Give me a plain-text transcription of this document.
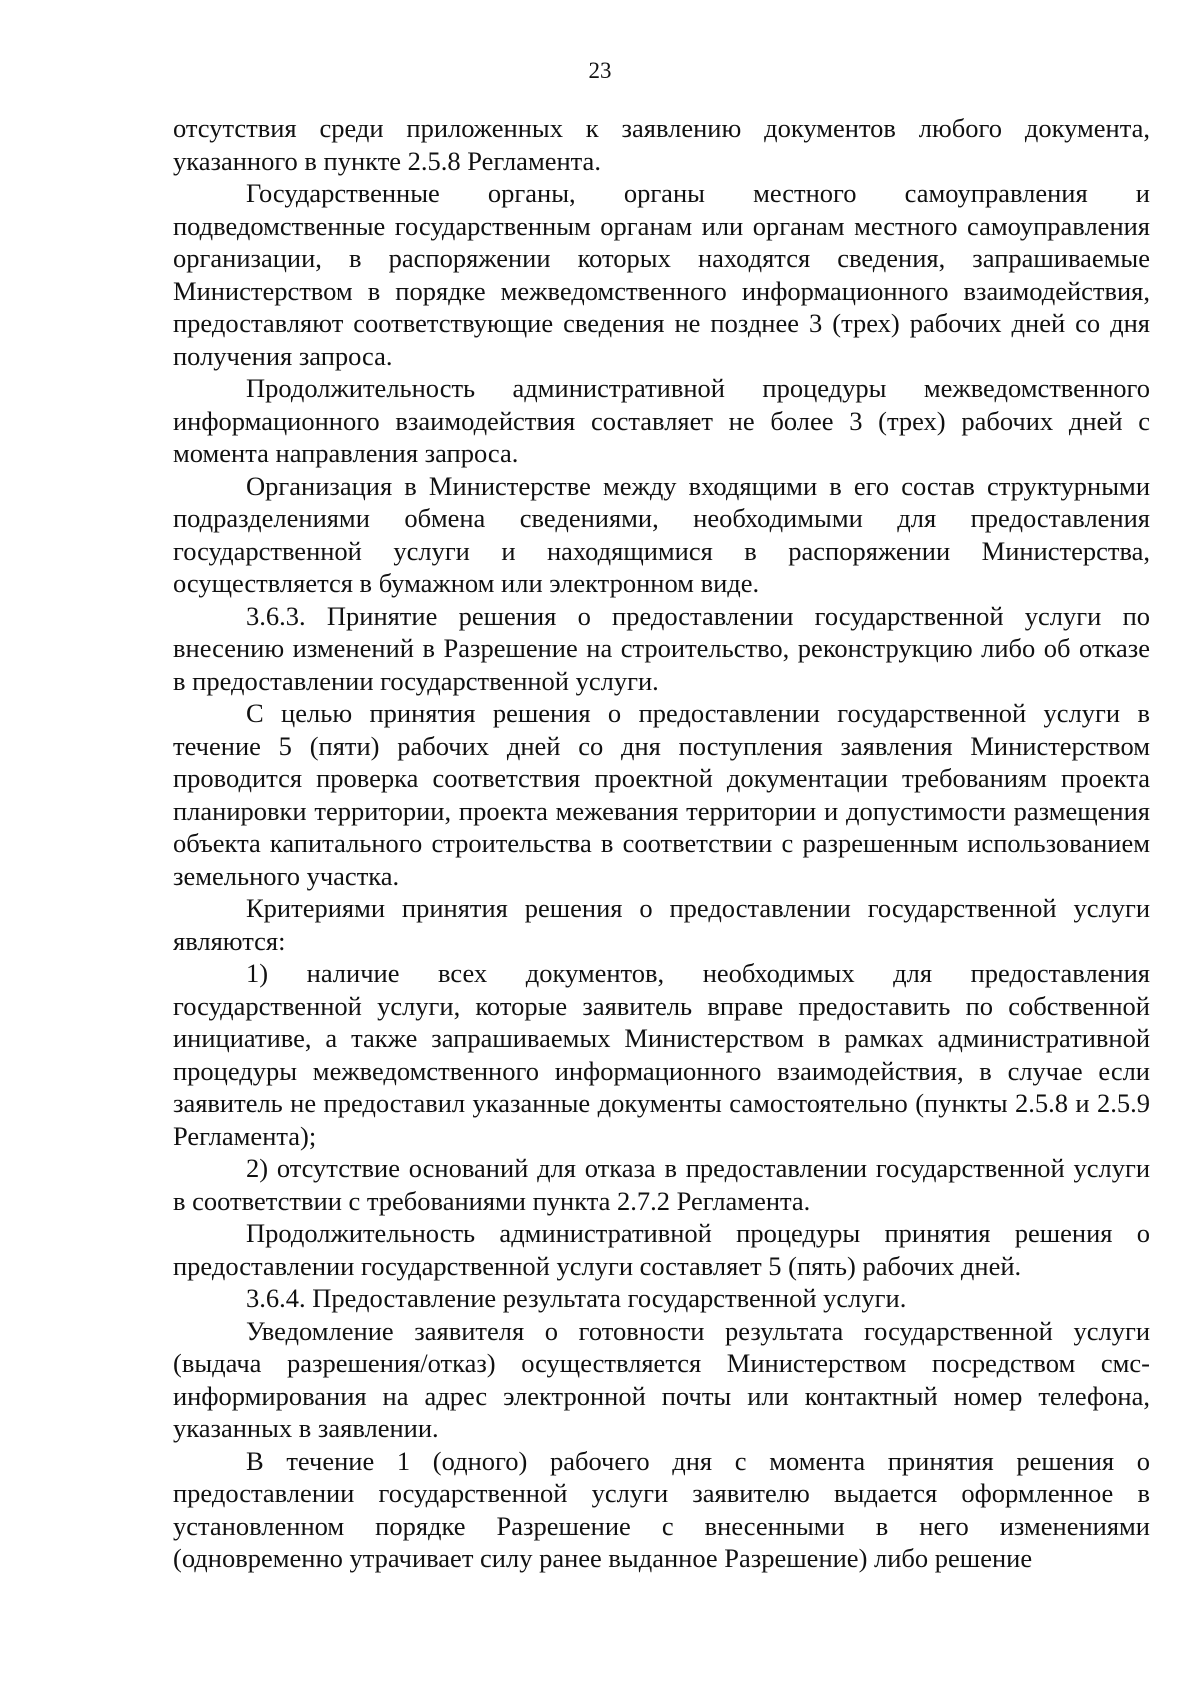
23

отсутствия среди приложенных к заявлению документов любого документа, указанного в пункте 2.5.8 Регламента.

Государственные органы, органы местного самоуправления и подведомственные государственным органам или органам местного самоуправления организации, в распоряжении которых находятся сведения, запрашиваемые Министерством в порядке межведомственного информационного взаимодействия, предоставляют соответствующие сведения не позднее 3 (трех) рабочих дней со дня получения запроса.

Продолжительность административной процедуры межведомственного информационного взаимодействия составляет не более 3 (трех) рабочих дней с момента направления запроса.

Организация в Министерстве между входящими в его состав структурными подразделениями обмена сведениями, необходимыми для предоставления государственной услуги и находящимися в распоряжении Министерства, осуществляется в бумажном или электронном виде.

3.6.3. Принятие решения о предоставлении государственной услуги по внесению изменений в Разрешение на строительство, реконструкцию либо об отказе в предоставлении государственной услуги.

С целью принятия решения о предоставлении государственной услуги в течение 5 (пяти) рабочих дней со дня поступления заявления Министерством проводится проверка соответствия проектной документации требованиям проекта планировки территории, проекта межевания территории и допустимости размещения объекта капитального строительства в соответствии с разрешенным использованием земельного участка.

Критериями принятия решения о предоставлении государственной услуги являются:

1) наличие всех документов, необходимых для предоставления государственной услуги, которые заявитель вправе предоставить по собственной инициативе, а также запрашиваемых Министерством в рамках административной процедуры межведомственного информационного взаимодействия, в случае если заявитель не предоставил указанные документы самостоятельно (пункты 2.5.8 и 2.5.9 Регламента);

2) отсутствие оснований для отказа в предоставлении государственной услуги в соответствии с требованиями пункта 2.7.2 Регламента.

Продолжительность административной процедуры принятия решения о предоставлении государственной услуги составляет 5 (пять) рабочих дней.

3.6.4. Предоставление результата государственной услуги.

Уведомление заявителя о готовности результата государственной услуги (выдача разрешения/отказ) осуществляется Министерством посредством смс-информирования на адрес электронной почты или контактный номер телефона, указанных в заявлении.

В течение 1 (одного) рабочего дня с момента принятия решения о предоставлении государственной услуги заявителю выдается оформленное в установленном порядке Разрешение с внесенными в него изменениями (одновременно утрачивает силу ранее выданное Разрешение) либо решение
